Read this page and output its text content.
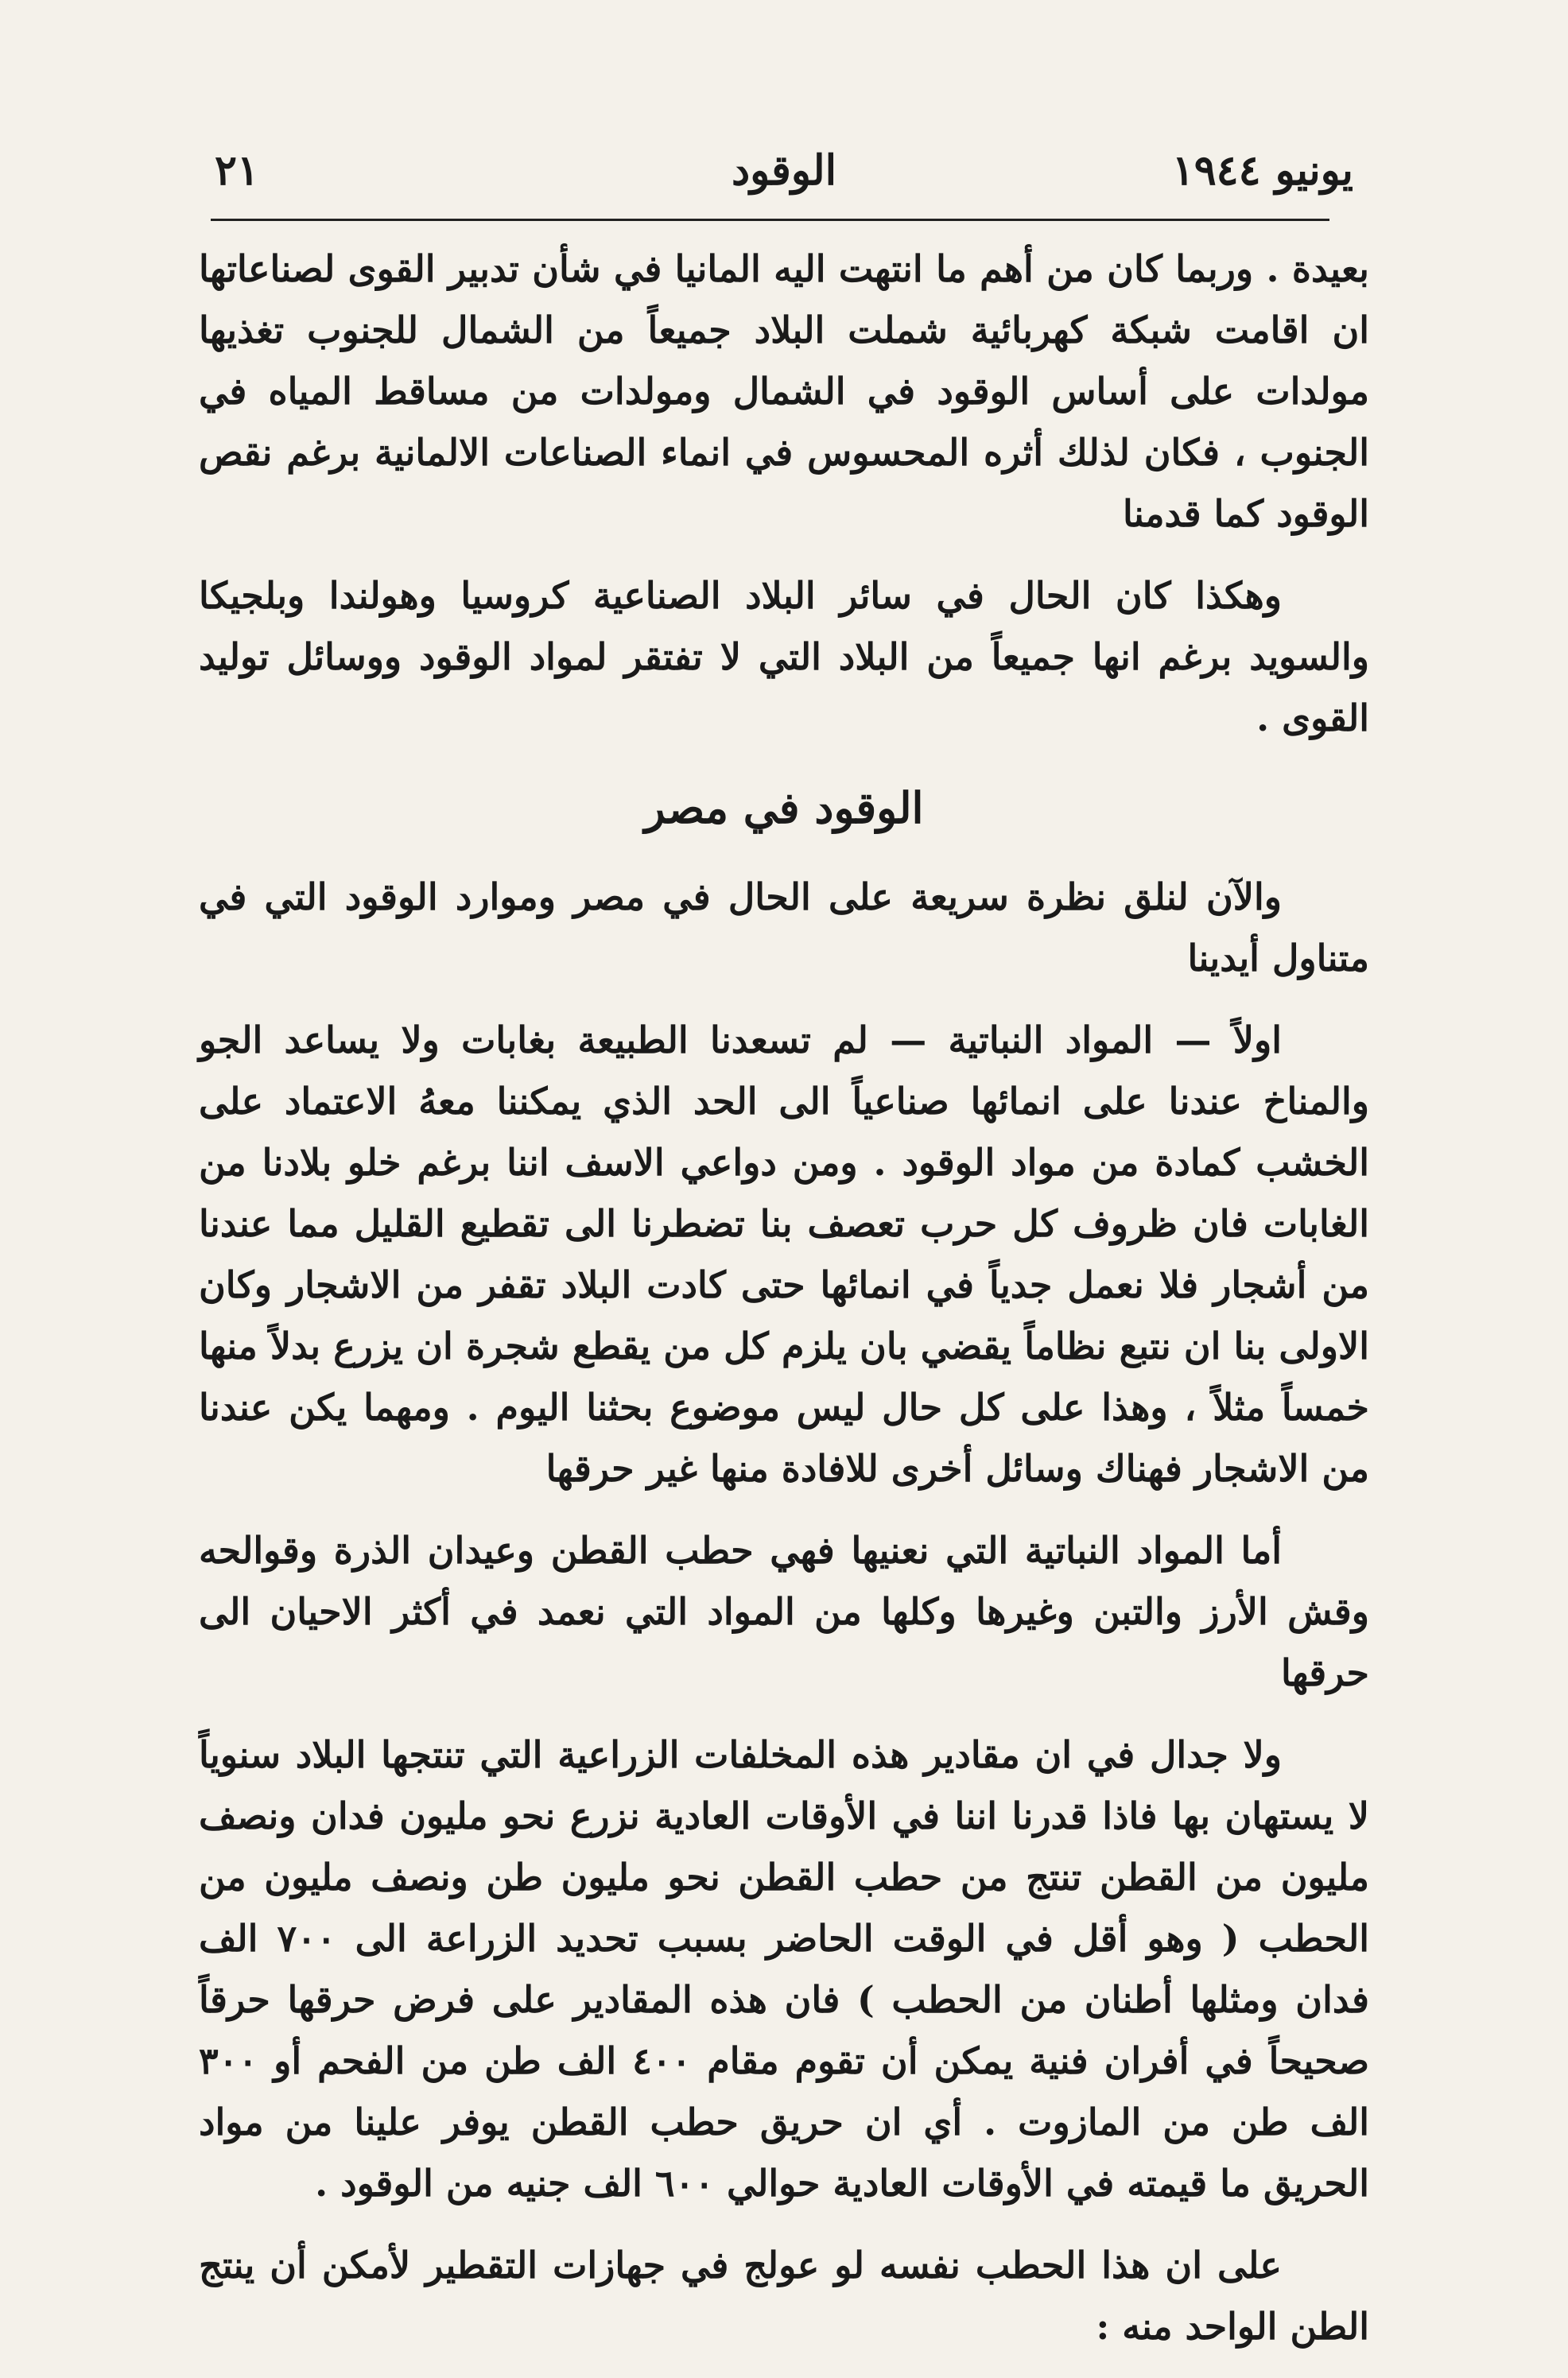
يونيو ١٩٤٤
الوقود
٢١

بعيدة . وربما كان من أهم ما انتهت اليه المانيا في شأن تدبير القوى لصناعاتها ان اقامت شبكة كهربائية شملت البلاد جميعاً من الشمال للجنوب تغذيها مولدات على أساس الوقود في الشمال ومولدات من مساقط المياه في الجنوب ، فكان لذلك أثره المحسوس في انماء الصناعات الالمانية برغم نقص الوقود كما قدمنا

وهكذا كان الحال في سائر البلاد الصناعية كروسيا وهولندا وبلجيكا والسويد برغم انها جميعاً من البلاد التي لا تفتقر لمواد الوقود ووسائل توليد القوى .

الوقود في مصر

والآن لنلق نظرة سريعة على الحال في مصر وموارد الوقود التي في متناول أيدينا

اولاً — المواد النباتية — لم تسعدنا الطبيعة بغابات ولا يساعد الجو والمناخ عندنا على انمائها صناعياً الى الحد الذي يمكننا معهُ الاعتماد على الخشب كمادة من مواد الوقود . ومن دواعي الاسف اننا برغم خلو بلادنا من الغابات فان ظروف كل حرب تعصف بنا تضطرنا الى تقطيع القليل مما عندنا من أشجار فلا نعمل جدياً في انمائها حتى كادت البلاد تقفر من الاشجار وكان الاولى بنا ان نتبع نظاماً يقضي بان يلزم كل من يقطع شجرة ان يزرع بدلاً منها خمساً مثلاً ، وهذا على كل حال ليس موضوع بحثنا اليوم . ومهما يكن عندنا من الاشجار فهناك وسائل أخرى للافادة منها غير حرقها

أما المواد النباتية التي نعنيها فهي حطب القطن وعيدان الذرة وقوالحه وقش الأرز والتبن وغيرها وكلها من المواد التي نعمد في أكثر الاحيان الى حرقها

ولا جدال في ان مقادير هذه المخلفات الزراعية التي تنتجها البلاد سنوياً لا يستهان بها فاذا قدرنا اننا في الأوقات العادية نزرع نحو مليون فدان ونصف مليون من القطن تنتج من حطب القطن نحو مليون طن ونصف مليون من الحطب ( وهو أقل في الوقت الحاضر بسبب تحديد الزراعة الى ٧٠٠ الف فدان ومثلها أطنان من الحطب ) فان هذه المقادير على فرض حرقها حرقاً صحيحاً في أفران فنية يمكن أن تقوم مقام ٤٠٠ الف طن من الفحم أو ٣٠٠ الف طن من المازوت . أي ان حريق حطب القطن يوفر علينا من مواد الحريق ما قيمته في الأوقات العادية حوالي ٦٠٠ الف جنيه من الوقود .

على ان هذا الحطب نفسه لو عولج في جهازات التقطير لأمكن أن ينتج الطن الواحد منه :
